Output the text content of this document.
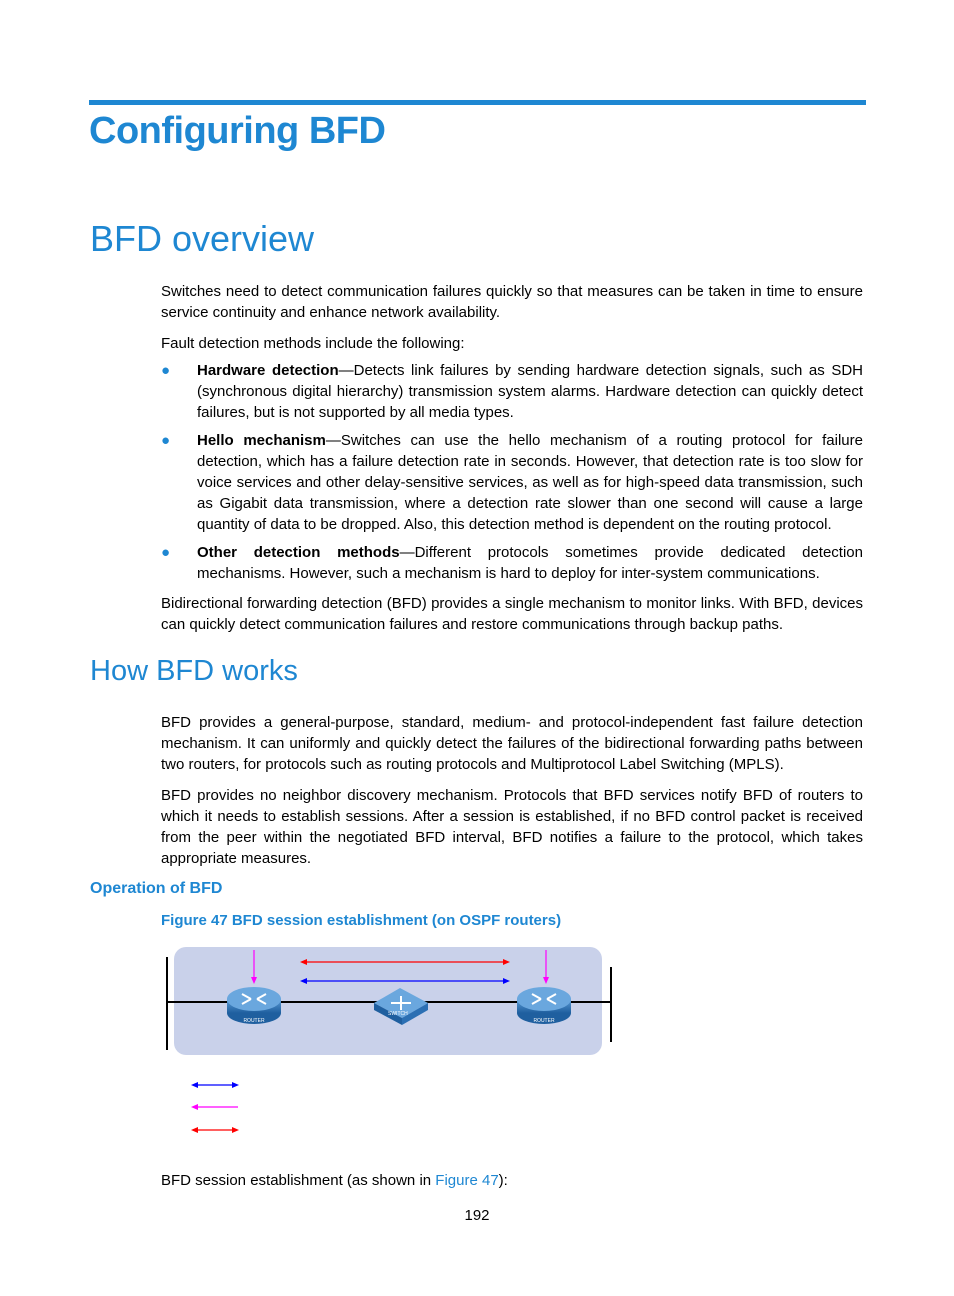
Configuring BFD
BFD overview
Switches need to detect communication failures quickly so that measures can be taken in time to ensure service continuity and enhance network availability.
Fault detection methods include the following:
● Hardware detection—Detects link failures by sending hardware detection signals, such as SDH (synchronous digital hierarchy) transmission system alarms. Hardware detection can quickly detect failures, but is not supported by all media types.
● Hello mechanism—Switches can use the hello mechanism of a routing protocol for failure detection, which has a failure detection rate in seconds. However, that detection rate is too slow for voice services and other delay-sensitive services, as well as for high-speed data transmission, such as Gigabit data transmission, where a detection rate slower than one second will cause a large quantity of data to be dropped. Also, this detection method is dependent on the routing protocol.
● Other detection methods—Different protocols sometimes provide dedicated detection mechanisms. However, such a mechanism is hard to deploy for inter-system communications.
Bidirectional forwarding detection (BFD) provides a single mechanism to monitor links. With BFD, devices can quickly detect communication failures and restore communications through backup paths.
How BFD works
BFD provides a general-purpose, standard, medium- and protocol-independent fast failure detection mechanism. It can uniformly and quickly detect the failures of the bidirectional forwarding paths between two routers, for protocols such as routing protocols and Multiprotocol Label Switching (MPLS).
BFD provides no neighbor discovery mechanism. Protocols that BFD services notify BFD of routers to which it needs to establish sessions. After a session is established, if no BFD control packet is received from the peer within the negotiated BFD interval, BFD notifies a failure to the protocol, which takes appropriate measures.
Operation of BFD
Figure 47 BFD session establishment (on OSPF routers)
ROUTER
SWITCH
ROUTER
BFD session establishment (as shown in Figure 47):
192
